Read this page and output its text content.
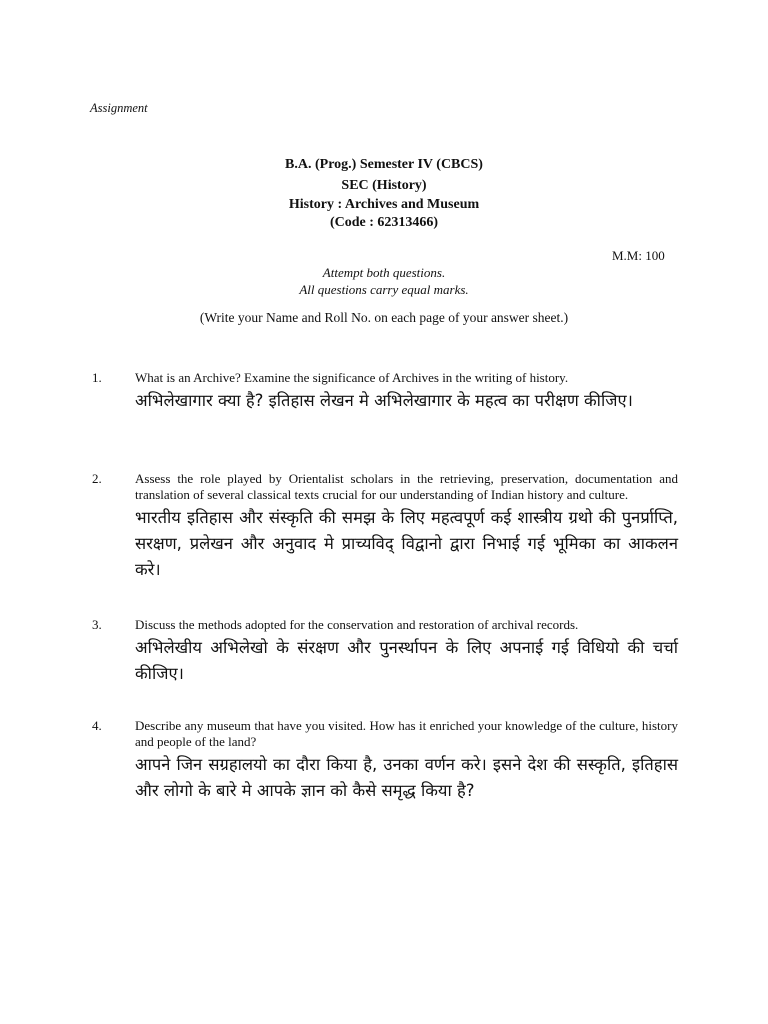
Assignment
B.A. (Prog.) Semester IV (CBCS)
SEC (History)
History : Archives and Museum
(Code : 62313466)
M.M: 100
Attempt both questions.
All questions carry equal marks.
(Write your Name and Roll No. on each page of your answer sheet.)
1.	What is an Archive? Examine the significance of Archives in the writing of history.

अभिलेखागार क्या है? इतिहास लेखन मे अभिलेखागार के महत्व का परीक्षण कीजिए।

2.	Assess the role played by Orientalist scholars in the retrieving, preservation, documentation and translation of several classical texts crucial for our understanding of Indian history and culture.

भारतीय इतिहास और संस्कृति की समझ के लिए महत्वपूर्ण कई शास्त्रीय ग्रथो की पुनर्प्राप्ति, सरक्षण, प्रलेखन और अनुवाद मे प्राच्यविद् विद्वानो द्वारा निभाई गई भूमिका का आकलन करे।

3.	Discuss the methods adopted for the conservation and restoration of archival records.

अभिलेखीय अभिलेखो के संरक्षण और पुनर्स्थापन के लिए अपनाई गई विधियो की चर्चा कीजिए।

4.	Describe any museum that have you visited. How has it enriched your knowledge of the culture, history and people of the land?

आपने जिन सग्रहालयो का दौरा किया है, उनका वर्णन करे। इसने देश की सस्कृति, इतिहास और लोगो के बारे मे आपके ज्ञान को कैसे समृद्ध किया है?
